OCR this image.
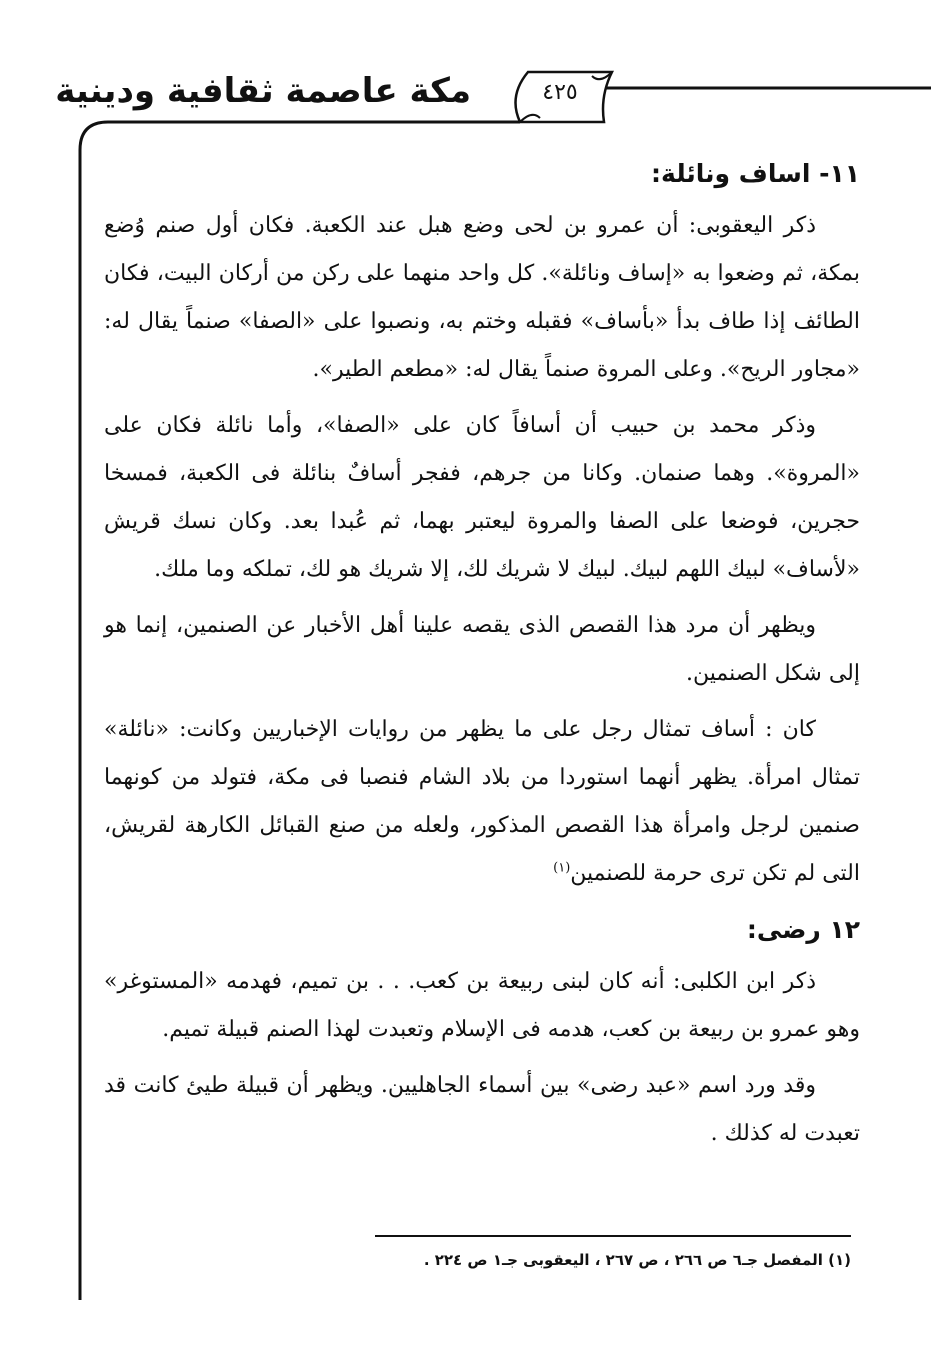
مكة عاصمة ثقافية ودينية	٤٢٥
١١- اساف ونائلة:

ذكر اليعقوبى: أن عمرو بن لحى وضع هبل عند الكعبة. فكان أول صنم وُضع بمكة، ثم وضعوا به «إساف ونائلة». كل واحد منهما على ركن من أركان البيت، فكان الطائف إذا طاف بدأ «بأساف» فقبله وختم به، ونصبوا على «الصفا» صنماً يقال له: «مجاور الريح». وعلى المروة صنماً يقال له: «مطعم الطير».

وذكر محمد بن حبيب أن أسافاً كان على «الصفا»، وأما نائلة فكان على «المروة». وهما صنمان. وكانا من جرهم، ففجر أسافٌ بنائلة فى الكعبة، فمسخا حجرين، فوضعا على الصفا والمروة ليعتبر بهما، ثم عُبدا بعد. وكان نسك قريش «لأساف» لبيك اللهم لبيك. لبيك لا شريك لك، إلا شريك هو لك، تملكه وما ملك.

ويظهر أن مرد هذا القصص الذى يقصه علينا أهل الأخبار عن الصنمين، إنما هو إلى شكل الصنمين.

كان : أساف تمثال رجل على ما يظهر من روايات الإخباريين وكانت: «نائلة» تمثال امرأة. يظهر أنهما استوردا من بلاد الشام فنصبا فى مكة، فتولد من كونهما صنمين لرجل وامرأة هذا القصص المذكور، ولعله من صنع القبائل الكارهة لقريش، التى لم تكن ترى حرمة للصنمين$^{(١)}$

١٢ رضى:

ذكر ابن الكلبى: أنه كان لبنى ربيعة بن كعب. . . بن تميم، فهدمه «المستوغر» وهو عمرو بن ربيعة بن كعب، هدمه فى الإسلام وتعبدت لهذا الصنم قبيلة تميم.

وقد ورد اسم «عبد رضى» بين أسماء الجاهليين. ويظهر أن قبيلة طيئ كانت قد تعبدت له كذلك .

(١) المفصل جـ٦ ص ٢٦٦ ، ص ٢٦٧ ، اليعقوبى جـ١ ص ٢٢٤ .
